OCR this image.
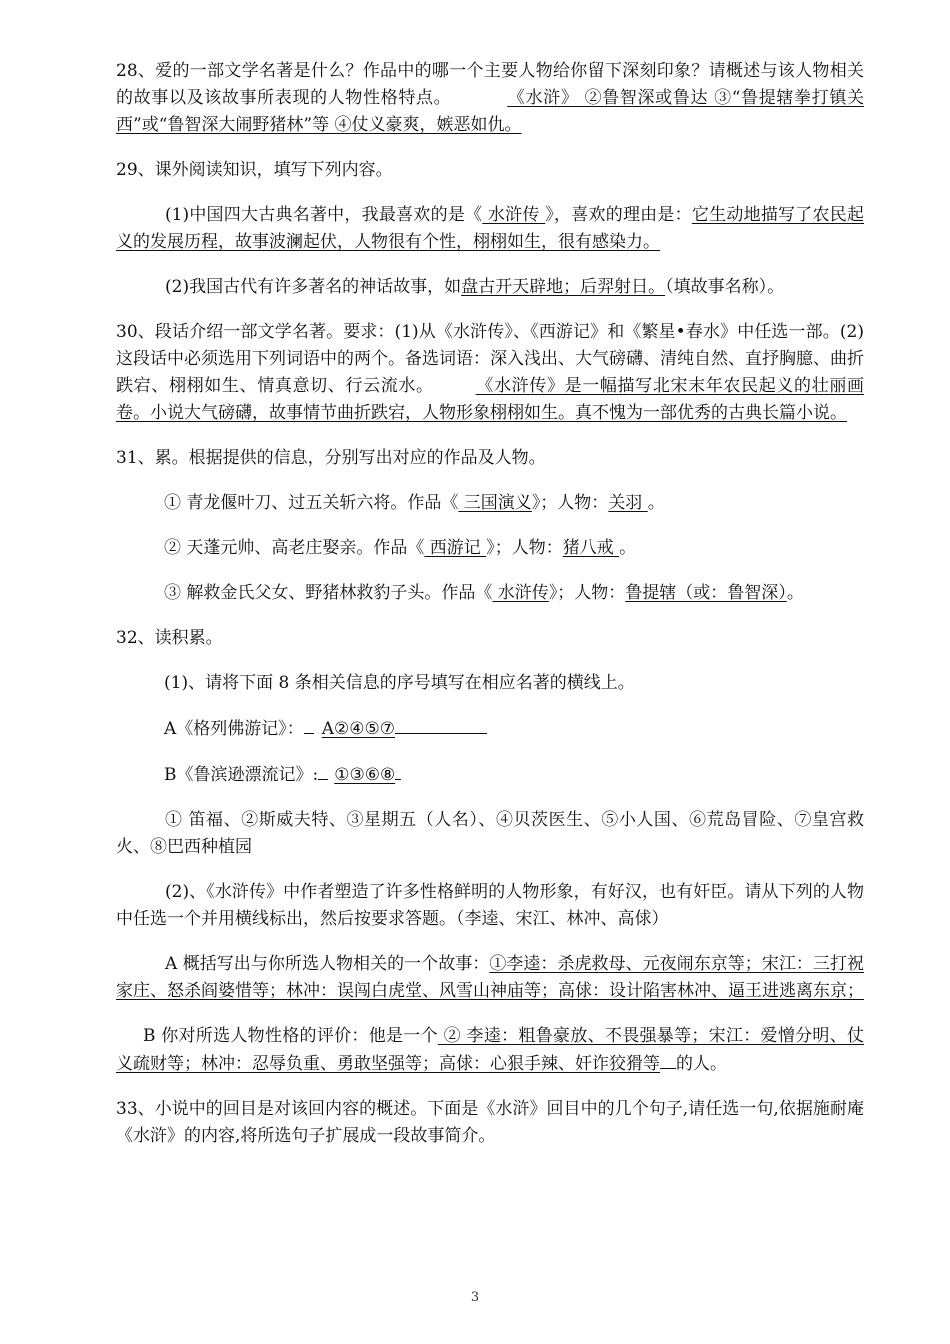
28、爱的一部文学名著是什么？作品中的哪一个主要人物给你留下深刻印象？请概述与该人物相关的故事以及该故事所表现的人物性格特点。	《水浒》 ②鲁智深或鲁达 ③“鲁提辖拳打镇关西”或“鲁智深大闹野猪林”等 ④仗义豪爽，嫉恶如仇。

29、课外阅读知识，填写下列内容。

(1)中国四大古典名著中，我最喜欢的是《 水浒传 》，喜欢的理由是：它生动地描写了农民起义的发展历程，故事波澜起伏，人物很有个性，栩栩如生，很有感染力。

(2)我国古代有许多著名的神话故事，如盘古开天辟地；后羿射日。（填故事名称）。

30、段话介绍一部文学名著。要求：(1)从《水浒传》、《西游记》和《繁星•春水》中任选一部。(2)这段话中必须选用下列词语中的两个。备选词语：深入浅出、大气磅礴、清纯自然、直抒胸臆、曲折跌宕、栩栩如生、情真意切、行云流水。 《水浒传》是一幅描写北宋末年农民起义的壮丽画卷。小说大气磅礴，故事情节曲折跌宕，人物形象栩栩如生。真不愧为一部优秀的古典长篇小说。

31、累。根据提供的信息，分别写出对应的作品及人物。

① 青龙偃叶刀、过五关斩六将。作品《 三国演义》；人物：关羽 。

② 天蓬元帅、高老庄娶亲。作品《 西游记 》；人物：猪八戒 。

③ 解救金氏父女、野猪林救豹子头。作品《 水浒传》；人物：鲁提辖（或：鲁智深）。

32、读积累。

(1)、请将下面 8 条相关信息的序号填写在相应名著的横线上。

A《格列佛游记》： A②④⑤⑦

B《鲁滨逊漂流记》: ①③⑥⑧

① 笛福、②斯威夫特、③星期五（人名）、④贝茨医生、⑤小人国、⑥荒岛冒险、⑦皇宫救火、⑧巴西种植园

(2)、《水浒传》中作者塑造了许多性格鲜明的人物形象，有好汉，也有奸臣。请从下列的人物中任选一个并用横线标出，然后按要求答题。（李逵、宋江、林冲、高俅）

A 概括写出与你所选人物相关的一个故事：①李逵：杀虎救母、元夜闹东京等；宋江：三打祝家庄、怒杀阎婆惜等；林冲：误闯白虎堂、风雪山神庙等；高俅：设计陷害林冲、逼王进逃离东京；

B 你对所选人物性格的评价：他是一个 ② 李逵：粗鲁豪放、不畏强暴等；宋江：爱憎分明、仗义疏财等；林冲：忍辱负重、勇敢坚强等；高俅：心狠手辣、奸诈狡猾等 的人。

33、小说中的回目是对该回内容的概述。下面是《水浒》回目中的几个句子,请任选一句,依据施耐庵《水浒》的内容,将所选句子扩展成一段故事简介。

3
